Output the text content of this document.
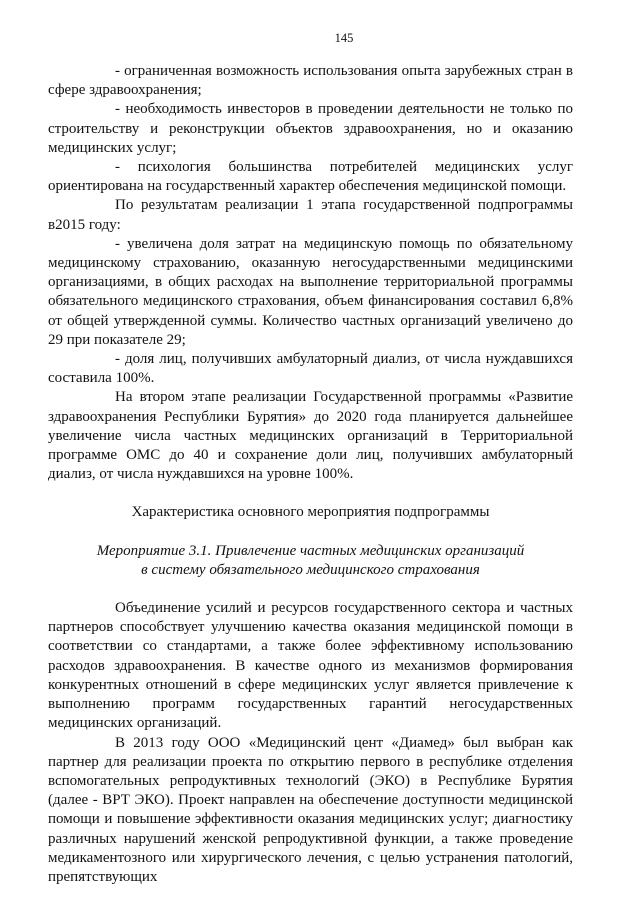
145

- ограниченная возможность использования опыта зарубежных стран в сфере здравоохранения;

- необходимость инвесторов в проведении деятельности не только по строительству и реконструкции объектов здравоохранения, но и оказанию медицинских услуг;

- психология большинства потребителей медицинских услуг ориентирована на государственный характер обеспечения медицинской помощи.

По результатам реализации 1 этапа государственной подпрограммы в2015 году:

- увеличена доля затрат на медицинскую помощь по обязательному медицинскому страхованию, оказанную негосударственными медицинскими организациями, в общих расходах на выполнение территориальной программы обязательного медицинского страхования, объем финансирования составил 6,8% от общей утвержденной суммы. Количество частных организаций увеличено до 29 при показателе 29;

- доля лиц, получивших амбулаторный диализ, от числа нуждавшихся составила 100%.

На втором этапе реализации Государственной программы «Развитие здравоохранения Республики Бурятия» до 2020 года планируется дальнейшее увеличение числа частных медицинских организаций в Территориальной программе ОМС до 40 и сохранение доли лиц, получивших амбулаторный диализ, от числа нуждавшихся на уровне 100%.

Характеристика основного мероприятия подпрограммы
Мероприятие 3.1. Привлечение частных медицинских организаций
в систему обязательного медицинского страхования

Объединение усилий и ресурсов государственного сектора и частных партнеров способствует улучшению качества оказания медицинской помощи в соответствии со стандартами, а также более эффективному использованию расходов здравоохранения. В качестве одного из механизмов формирования конкурентных отношений в сфере медицинских услуг является привлечение к выполнению программ государственных гарантий негосударственных медицинских организаций.

В 2013 году ООО «Медицинский цент «Диамед» был выбран как партнер для реализации проекта по открытию первого в республике отделения вспомогательных репродуктивных технологий (ЭКО) в Республике Бурятия (далее - ВРТ ЭКО). Проект направлен на обеспечение доступности медицинской помощи и повышение эффективности оказания медицинских услуг; диагностику различных нарушений женской репродуктивной функции, а также проведение медикаментозного или хирургического лечения, с целью устранения патологий, препятствующих
